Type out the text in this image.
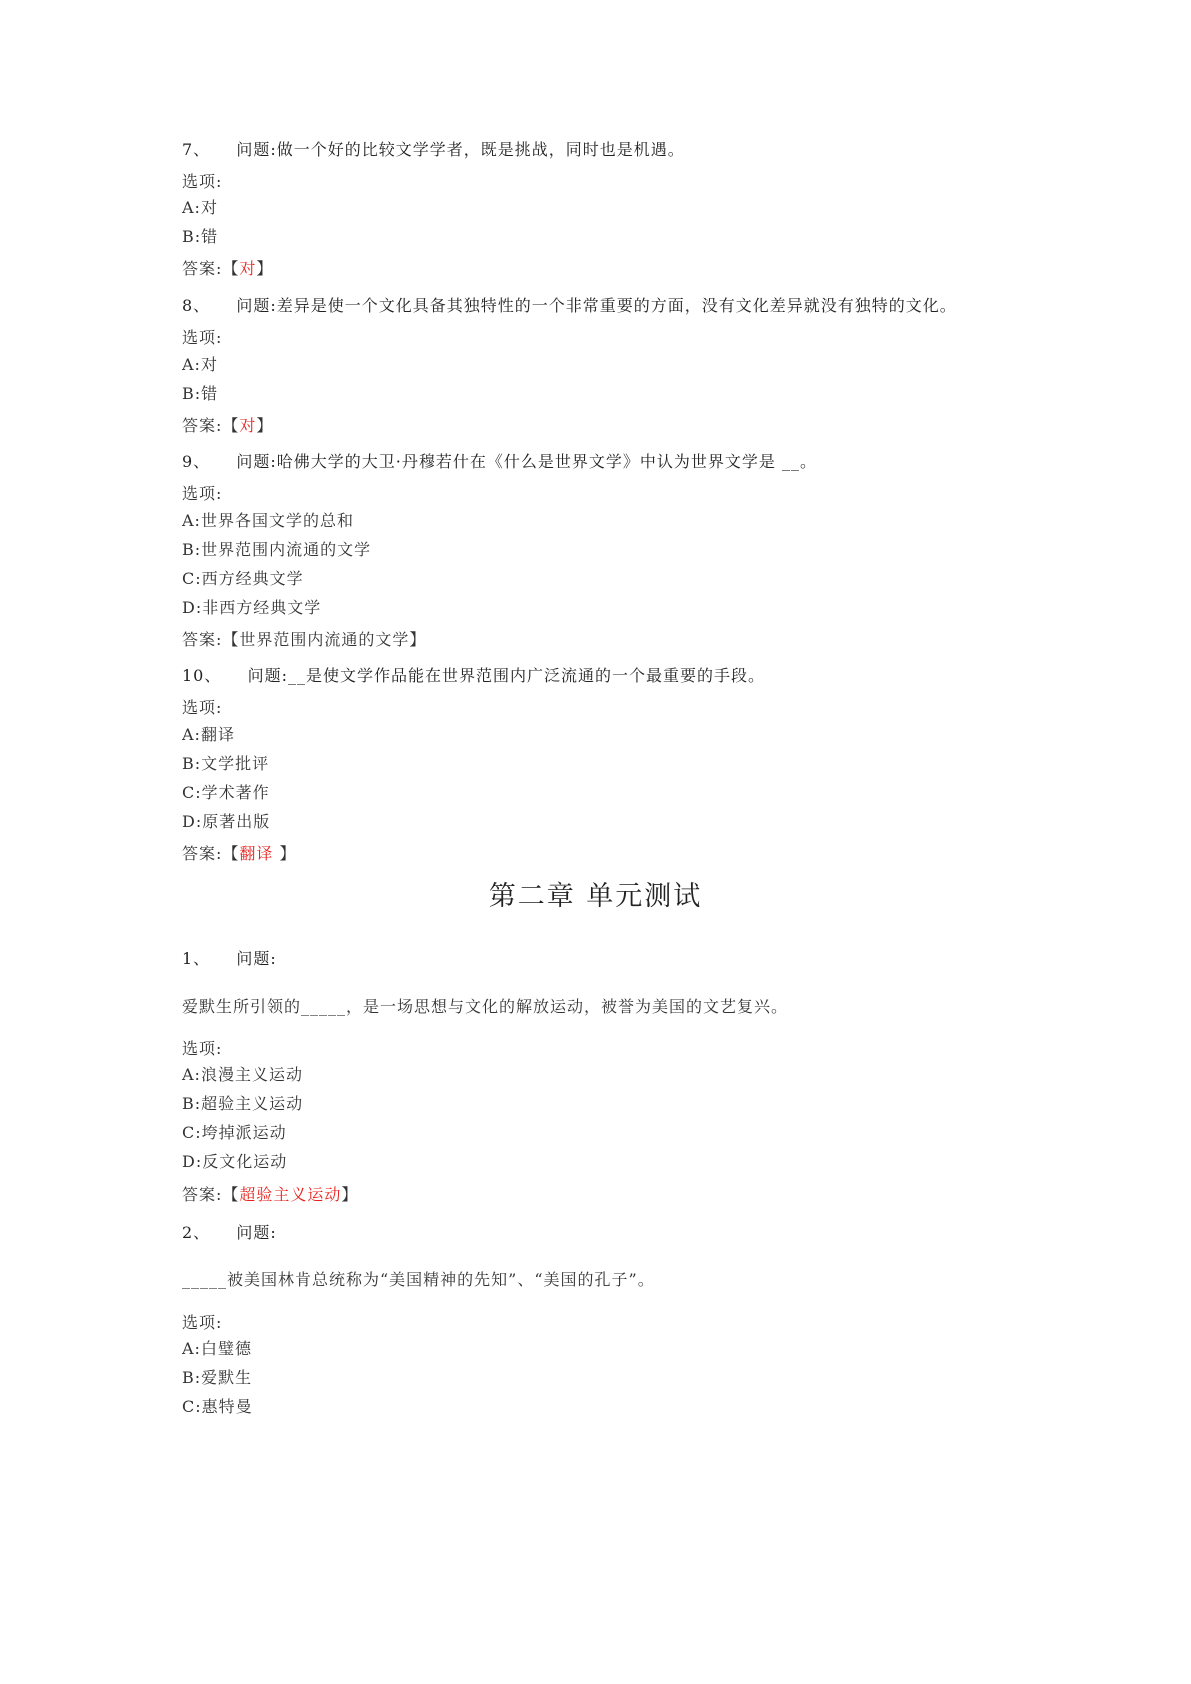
7、 问题:做一个好的比较文学学者，既是挑战，同时也是机遇。
选项:
A:对
B:错
答案:【对】
8、 问题:差异是使一个文化具备其独特性的一个非常重要的方面，没有文化差异就没有独特的文化。
选项:
A:对
B:错
答案:【对】
9、 问题:哈佛大学的大卫·丹穆若什在《什么是世界文学》中认为世界文学是 __。
选项:
A:世界各国文学的总和
B:世界范围内流通的文学
C:西方经典文学
D:非西方经典文学
答案:【世界范围内流通的文学】
10、 问题:__是使文学作品能在世界范围内广泛流通的一个最重要的手段。
选项:
A:翻译
B:文学批评
C:学术著作
D:原著出版
答案:【翻译 】
第二章 单元测试
1、 问题:
爱默生所引领的_____，是一场思想与文化的解放运动，被誉为美国的文艺复兴。
选项:
A:浪漫主义运动
B:超验主义运动
C:垮掉派运动
D:反文化运动
答案:【超验主义运动】
2、 问题:
_____被美国林肯总统称为“美国精神的先知”、“美国的孔子”。
选项:
A:白璧德
B:爱默生
C:惠特曼
